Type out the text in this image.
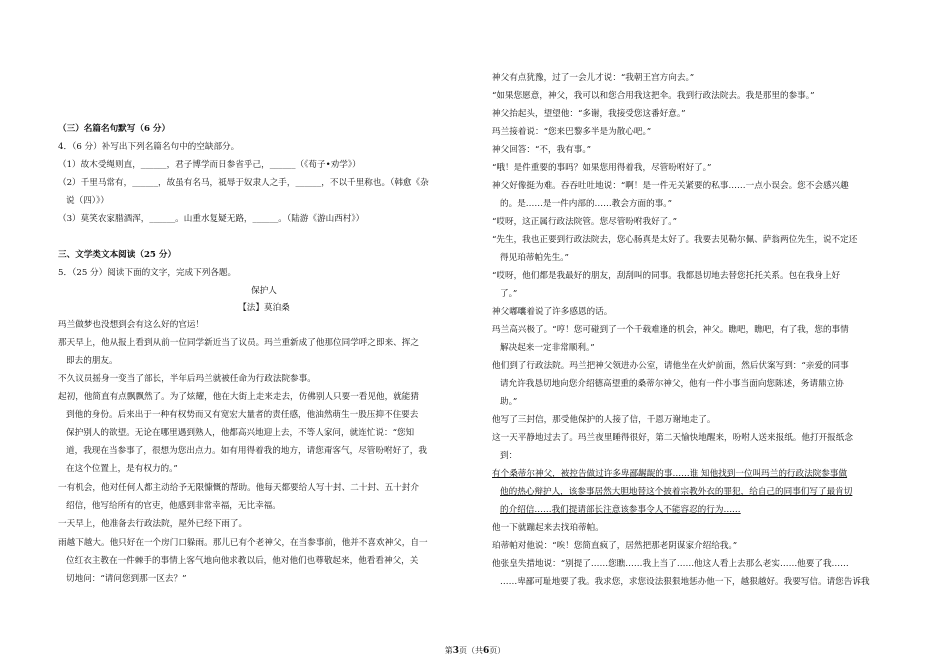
（三）名篇名句默写（6 分）
4．（6 分）补写出下列名篇名句中的空缺部分。
（1）故木受绳则直，______，君子博学而日参省乎己，______（《荀子•劝学》）
（2）千里马常有，______，故虽有名马，祗辱于奴隶人之手，______，不以千里称也。（韩愈《杂
说（四）》）
（3）莫笑农家腊酒浑，______。山重水复疑无路，______。（陆游《游山西村》）
三、文学类文本阅读（25 分）
5．（25 分）阅读下面的文字，完成下列各题。
保护人
【法】莫泊桑
玛兰做梦也没想到会有这么好的官运！
那天早上，他从报上看到从前一位同学新近当了议员。玛兰重新成了他那位同学呼之即来、挥之
即去的朋友。
不久议员摇身一变当了部长，半年后玛兰就被任命为行政法院参事。
起初，他简直有点飘飘然了。为了炫耀，他在大街上走来走去，仿佛别人只要一看见他，就能猜
到他的身份。后来出于一种有权势而又有宽宏大量者的责任感，他油然萌生一股压抑不住要去
保护别人的欲望。无论在哪里遇到熟人，他都高兴地迎上去，不等人家问，就连忙说：“您知
道，我现在当参事了，很想为您出点力。如有用得着我的地方，请您甭客气，尽管吩咐好了，我
在这个位置上，是有权力的。”
一有机会，他对任何人都主动给予无限慷慨的帮助。他每天都要给人写十封、二十封、五十封介
绍信，他写给所有的官吏，他感到非常幸福，无比幸福。
一天早上，他准备去行政法院，屋外已经下雨了。
雨越下越大。他只好在一个房门口躲雨。那儿已有个老神父，在当参事前，他并不喜欢神父，自一
位红衣主教在一件棘手的事情上客气地向他求教以后，他对他们也尊敬起来，他看看神父，关
切地问：“请问您到那一区去？”
神父有点犹豫，过了一会儿才说：“我朝王宫方向去。”
“如果您愿意，神父，我可以和您合用我这把伞。我到行政法院去。我是那里的参事。”
神父抬起头，望望他：“多谢，我接受您这番好意。”
玛兰接着说：“您来巴黎多半是为散心吧。”
神父回答：“不，我有事。”
“哦！是件重要的事吗？如果您用得着我，尽管吩咐好了。”
神父好像挺为难。吞吞吐吐地说：“啊！是一件无关紧要的私事……一点小误会。您不会感兴趣
的。是……是一件内部的……教会方面的事。”
“哎呀，这正属行政法院管。您尽管吩咐我好了。”
“先生，我也正要到行政法院去，您心肠真是太好了。我要去见勒尔佩、萨翁两位先生，说不定还
得见珀蒂帕先生。”
“哎呀，他们都是我最好的朋友，刮刮叫的同事。我都恳切地去替您托托关系。包在我身上好
了。”
神父嘟囔着说了许多感恩的话。
玛兰高兴极了。“哼！您可碰到了一个千载难逢的机会，神父。瞧吧，瞧吧，有了我，您的事情
解决起来一定非常顺利。”
他们到了行政法院。玛兰把神父领进办公室，请他坐在火炉前面，然后伏案写到：“亲爱的同事
请允许我恳切地向您介绍德高望重的桑蒂尔神父，他有一件小事当面向您陈述，务请鼎立协
助。”
他写了三封信，那受他保护的人接了信，千恩万谢地走了。
这一天平静地过去了。玛兰夜里睡得很好，第二天愉快地醒来，吩咐人送来报纸。他打开报纸念
到：
有个桑蒂尔神父，被控告做过许多卑鄙龌龊的事……谁 知他找到一位叫玛兰的行政法院参事做
他的热心辩护人，该参事居然大胆地替这个披着宗教外衣的罪犯，给自己的同事们写了最肯切
的介绍信……我们提请部长注意该参事令人不能容忍的行为……
他一下就蹦起来去找珀蒂帕。
珀蒂帕对他说：“唉！您简直疯了，居然把那老阴谋家介绍给我。”
他张皇失措地说：“别提了……您瞧……我上当了……他这人看上去那么老实……他要了我……
……卑鄙可耻地要了我。我求您，求您设法狠狠地惩办他一下，越狠越好。我要写信。请您告诉我
第3页（共6页）
